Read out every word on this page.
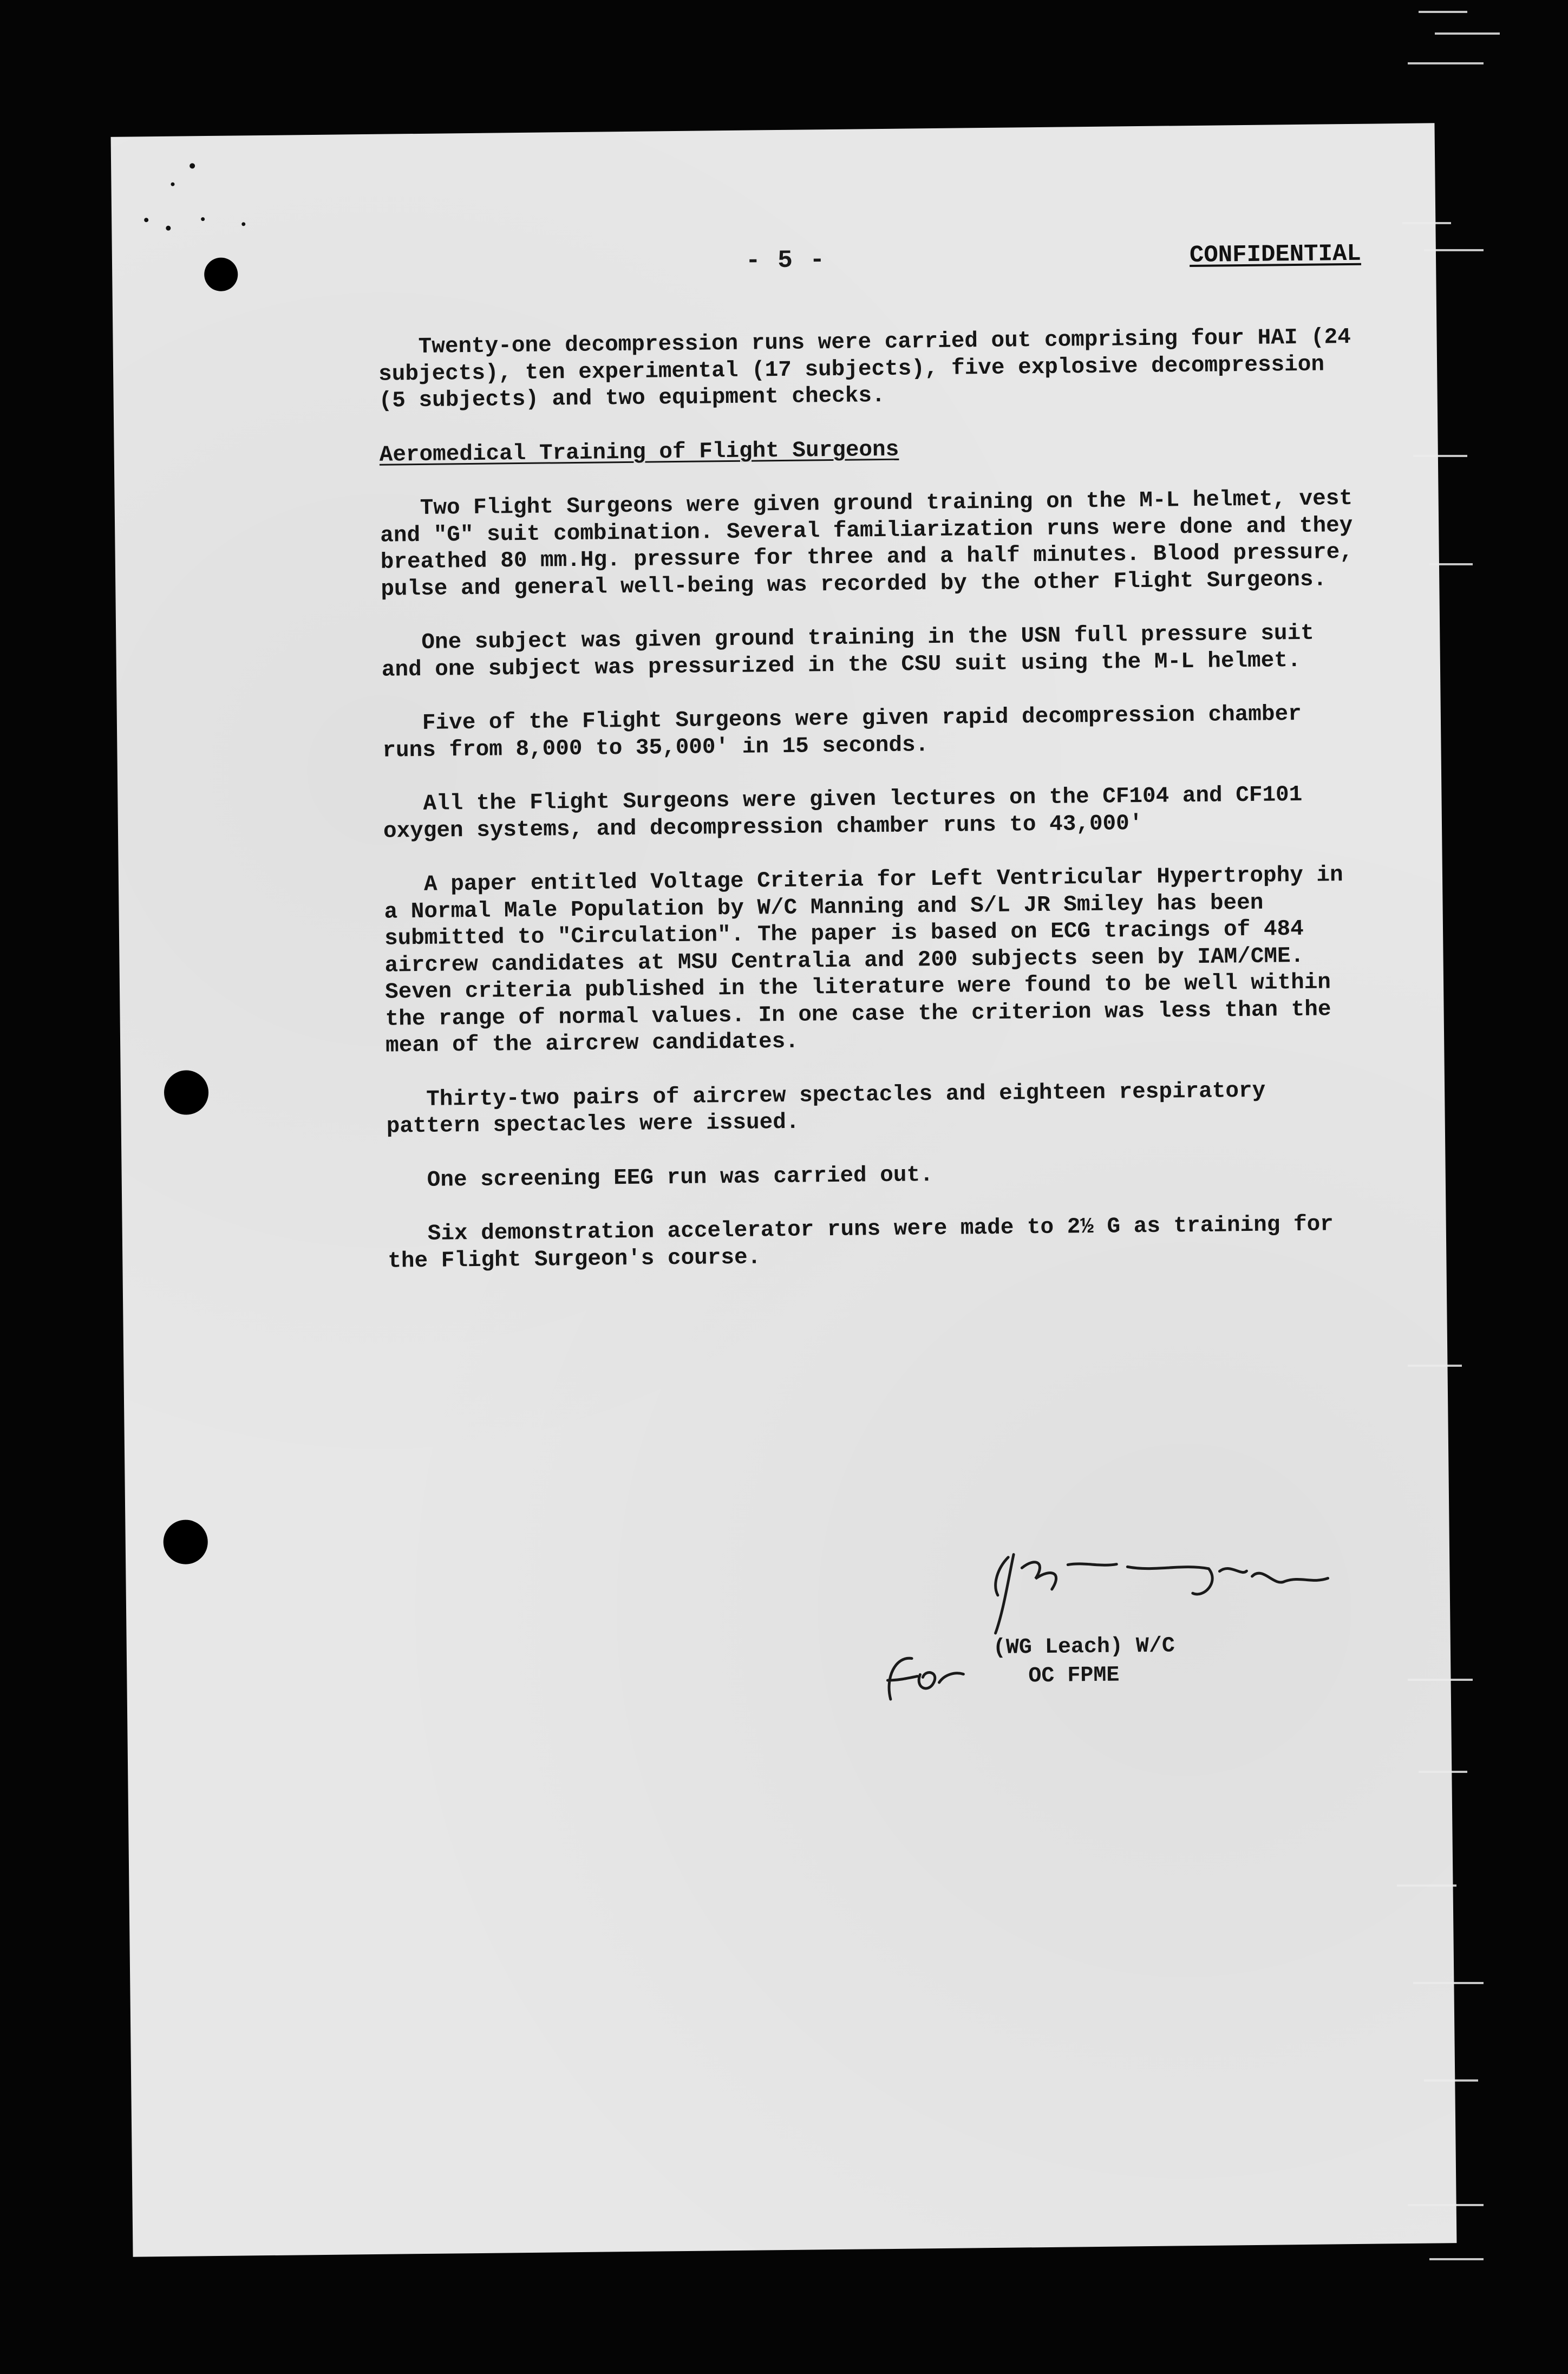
- 5 -	CONFIDENTIAL

Twenty-one decompression runs were carried out comprising four HAI (24 subjects), ten experimental (17 subjects), five explosive decompression (5 subjects) and two equipment checks.

Aeromedical Training of Flight Surgeons

Two Flight Surgeons were given ground training on the M-L helmet, vest and "G" suit combination. Several familiarization runs were done and they breathed 80 mm.Hg. pressure for three and a half minutes. Blood pressure, pulse and general well-being was recorded by the other Flight Surgeons.

One subject was given ground training in the USN full pressure suit and one subject was pressurized in the CSU suit using the M-L helmet.

Five of the Flight Surgeons were given rapid decompression chamber runs from 8,000 to 35,000' in 15 seconds.

All the Flight Surgeons were given lectures on the CF104 and CF101 oxygen systems, and decompression chamber runs to 43,000'

A paper entitled Voltage Criteria for Left Ventricular Hypertrophy in a Normal Male Population by W/C Manning and S/L JR Smiley has been submitted to "Circulation". The paper is based on ECG tracings of 484 aircrew candidates at MSU Centralia and 200 subjects seen by IAM/CME. Seven criteria published in the literature were found to be well within the range of normal values. In one case the criterion was less than the mean of the aircrew candidates.

Thirty-two pairs of aircrew spectacles and eighteen respiratory pattern spectacles were issued.

One screening EEG run was carried out.

Six demonstration accelerator runs were made to 2½ G as training for the Flight Surgeon's course.

(WG Leach) W/C
OC FPME
